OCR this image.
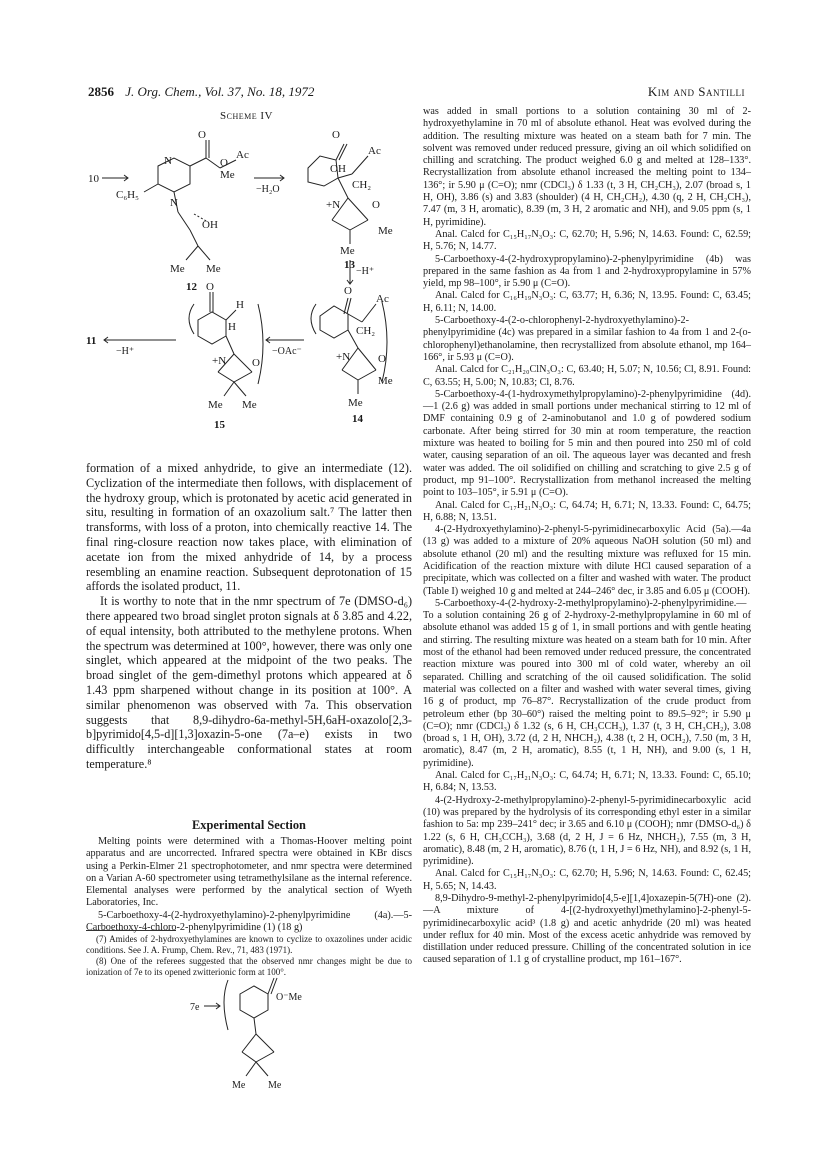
2856 J. Org. Chem., Vol. 37, No. 18, 1972	Kim and Santilli
Scheme IV
10
O
O
Ac
Me
N
N
C₆H₅
OH
Me Me
12
−H₂O
O
Ac
OH
CH₂
+N	O
Me
Me
13
−H⁺
O
Ac
CH₂
+N	O
Me
Me
14
−OAc⁻
O
H
H
+N O
Me Me
15
11
−H⁺

formation of a mixed anhydride, to give an intermediate (12). Cyclization of the intermediate then follows, with displacement of the hydroxy group, which is protonated by acetic acid generated in situ, resulting in formation of an oxazolium salt.⁷ The latter then transforms, with loss of a proton, into chemically reactive 14. The final ring-closure reaction now takes place, with elimination of acetate ion from the mixed anhydride of 14, by a process resembling an enamine reaction. Subsequent deprotonation of 15 affords the isolated product, 11.

It is worthy to note that in the nmr spectrum of 7e (DMSO-d₆) there appeared two broad singlet proton signals at δ 3.85 and 4.22, of equal intensity, both attributed to the methylene protons. When the spectrum was determined at 100°, however, there was only one singlet, which appeared at the midpoint of the two peaks. The broad singlet of the gem-dimethyl protons which appeared at δ 1.43 ppm sharpened without change in its position at 100°. A similar phenomenon was observed with 7a. This observation suggests that 8,9-dihydro-6a-methyl-5H,6aH-oxazolo[2,3-b]pyrimido[4,5-d][1,3]oxazin-5-one (7a–e) exists in two difficultly interchangeable conformational states at room temperature.⁸

Experimental Section

Melting points were determined with a Thomas-Hoover melting point apparatus and are uncorrected. Infrared spectra were obtained in KBr discs using a Perkin-Elmer 21 spectrophotometer, and nmr spectra were determined on a Varian A-60 spectrometer using tetramethylsilane as the internal reference. Elemental analyses were performed by the analytical section of Wyeth Laboratories, Inc.

5-Carboethoxy-4-(2-hydroxyethylamino)-2-phenylpyrimidine (4a).—5-Carboethoxy-4-chloro-2-phenylpyrimidine (1) (18 g)

(7) Amides of 2-hydroxyethylamines are known to cyclize to oxazolines under acidic conditions. See J. A. Frump, Chem. Rev., 71, 483 (1971).

(8) One of the referees suggested that the observed nmr changes might be due to ionization of 7e to its opened zwitterionic form at 100°.

7e
O⁻Me
Me Me

was added in small portions to a solution containing 30 ml of 2-hydroxyethylamine in 70 ml of absolute ethanol. Heat was evolved during the addition. The resulting mixture was heated on a steam bath for 7 min. The solvent was removed under reduced pressure, giving an oil which solidified on chilling and scratching. The product weighed 6.0 g and melted at 128–133°. Recrystallization from absolute ethanol increased the melting point to 134–136°; ir 5.90 μ (C=O); nmr (CDCl₃) δ 1.33 (t, 3 H, CH₂CH₃), 2.07 (broad s, 1 H, OH), 3.86 (s) and 3.83 (shoulder) (4 H, CH₂CH₂), 4.30 (q, 2 H, CH₂CH₃), 7.47 (m, 3 H, aromatic), 8.39 (m, 3 H, 2 aromatic and NH), and 9.05 ppm (s, 1 H, pyrimidine).

Anal. Calcd for C₁₅H₁₇N₃O₃: C, 62.70; H, 5.96; N, 14.63. Found: C, 62.59; H, 5.76; N, 14.77.

5-Carboethoxy-4-(2-hydroxypropylamino)-2-phenylpyrimidine (4b) was prepared in the same fashion as 4a from 1 and 2-hydroxypropylamine in 57% yield, mp 98–100°, ir 5.90 μ (C=O).

Anal. Calcd for C₁₆H₁₉N₃O₃: C, 63.77; H, 6.36; N, 13.95. Found: C, 63.45; H, 6.11; N, 14.00.

5-Carboethoxy-4-(2-o-chlorophenyl-2-hydroxyethylamino)-2-phenylpyrimidine (4c) was prepared in a similar fashion to 4a from 1 and 2-(o-chlorophenyl)ethanolamine, then recrystallized from absolute ethanol, mp 164–166°, ir 5.93 μ (C=O).

Anal. Calcd for C₂₁H₂₀ClN₃O₃: C, 63.40; H, 5.07; N, 10.56; Cl, 8.91. Found: C, 63.55; H, 5.00; N, 10.83; Cl, 8.76.

5-Carboethoxy-4-(1-hydroxymethylpropylamino)-2-phenylpyrimidine (4d).—1 (2.6 g) was added in small portions under mechanical stirring to 12 ml of DMF containing 0.9 g of 2-aminobutanol and 1.0 g of powdered sodium carbonate. After being stirred for 30 min at room temperature, the reaction mixture was heated to boiling for 5 min and then poured into 250 ml of cold water, causing separation of an oil. The aqueous layer was decanted and fresh water was added. The oil solidified on chilling and scratching to give 2.5 g of product, mp 91–100°. Recrystallization from methanol increased the melting point to 103–105°, ir 5.91 μ (C=O).

Anal. Calcd for C₁₇H₂₁N₃O₃: C, 64.74; H, 6.71; N, 13.33. Found: C, 64.75; H, 6.88; N, 13.51.

4-(2-Hydroxyethylamino)-2-phenyl-5-pyrimidinecarboxylic Acid (5a).—4a (13 g) was added to a mixture of 20% aqueous NaOH solution (50 ml) and absolute ethanol (20 ml) and the resulting mixture was refluxed for 15 min. Acidification of the reaction mixture with dilute HCl caused separation of a precipitate, which was collected on a filter and washed with water. The product (Table I) weighed 10 g and melted at 244–246° dec, ir 3.85 and 6.05 μ (COOH).

5-Carboethoxy-4-(2-hydroxy-2-methylpropylamino)-2-phenylpyrimidine.—To a solution containing 26 g of 2-hydroxy-2-methylpropylamine in 60 ml of absolute ethanol was added 15 g of 1, in small portions and with gentle heating and stirring. The resulting mixture was heated on a steam bath for 10 min. After most of the ethanol had been removed under reduced pressure, the concentrated reaction mixture was poured into 300 ml of cold water, whereby an oil separated. Chilling and scratching of the oil caused solidification. The solid material was collected on a filter and washed with water several times, giving 16 g of product, mp 76–87°. Recrystallization of the crude product from petroleum ether (bp 30–60°) raised the melting point to 89.5–92°; ir 5.90 μ (C=O); nmr (CDCl₃) δ 1.32 (s, 6 H, CH₃CCH₃), 1.37 (t, 3 H, CH₃CH₂), 3.08 (broad s, 1 H, OH), 3.72 (d, 2 H, NHCH₂), 4.38 (t, 2 H, OCH₂), 7.50 (m, 3 H, aromatic), 8.47 (m, 2 H, aromatic), 8.55 (t, 1 H, NH), and 9.00 (s, 1 H, pyrimidine).

Anal. Calcd for C₁₇H₂₁N₃O₃: C, 64.74; H, 6.71; N, 13.33. Found: C, 65.10; H, 6.84; N, 13.53.

4-(2-Hydroxy-2-methylpropylamino)-2-phenyl-5-pyrimidinecarboxylic acid (10) was prepared by the hydrolysis of its corresponding ethyl ester in a similar fashion to 5a: mp 239–241° dec; ir 3.65 and 6.10 μ (COOH); nmr (DMSO-d₆) δ 1.22 (s, 6 H, CH₃CCH₃), 3.68 (d, 2 H, J = 6 Hz, NHCH₂), 7.55 (m, 3 H, aromatic), 8.48 (m, 2 H, aromatic), 8.76 (t, 1 H, J = 6 Hz, NH), and 8.92 (s, 1 H, pyrimidine).

Anal. Calcd for C₁₅H₁₇N₃O₃: C, 62.70; H, 5.96; N, 14.63. Found: C, 62.45; H, 5.65; N, 14.43.

8,9-Dihydro-9-methyl-2-phenylpyrimido[4,5-e][1,4]oxazepin-5(7H)-one (2).—A mixture of 4-[(2-hydroxyethyl)methylamino]-2-phenyl-5-pyrimidinecarboxylic acid³ (1.8 g) and acetic anhydride (20 ml) was heated under reflux for 40 min. Most of the excess acetic anhydride was removed by distillation under reduced pressure. Chilling of the concentrated solution in ice caused separation of 1.1 g of crystalline product, mp 161–167°.
